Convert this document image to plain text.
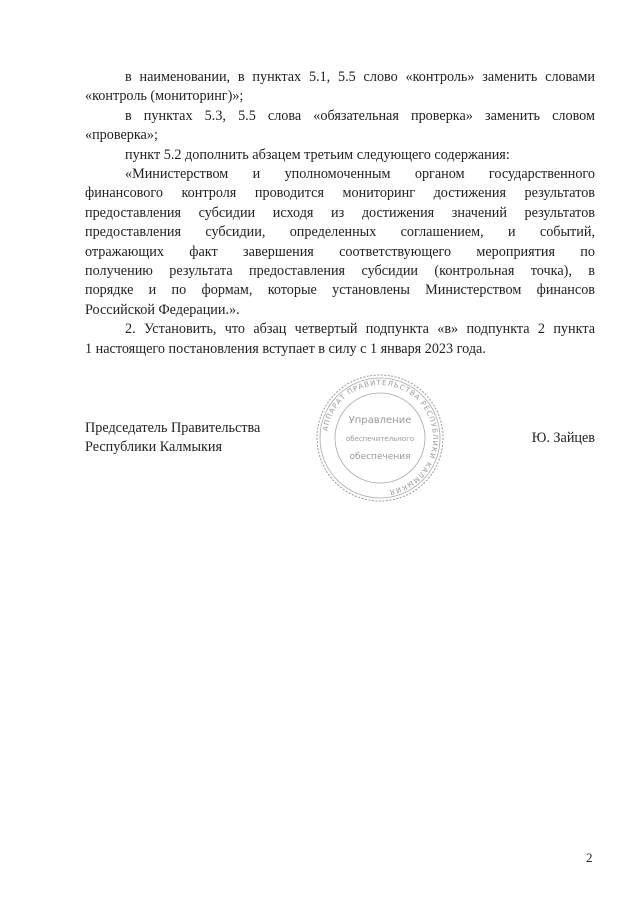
в наименовании, в пунктах 5.1, 5.5 слово «контроль» заменить словами
«контроль (мониторинг)»;
в пунктах 5.3, 5.5 слова «обязательная проверка» заменить словом
«проверка»;
пункт 5.2 дополнить абзацем третьим следующего содержания:
«Министерством и уполномоченным органом государственного
финансового контроля проводится мониторинг достижения результатов
предоставления субсидии исходя из достижения значений результатов
предоставления субсидии, определенных соглашением, и событий,
отражающих факт завершения соответствующего мероприятия по
получению результата предоставления субсидии (контрольная точка), в
порядке и по формам, которые установлены Министерством финансов
Российской Федерации.».
2. Установить, что абзац четвертый подпункта «в» подпункта 2 пункта
1 настоящего постановления вступает в силу с 1 января 2023 года.
Председатель Правительства
Республики Калмыкия
АППАРАТ ПРАВИТЕЛЬСТВА РЕСПУБЛИКИ КАЛМЫКИЯ
Управление
обеспечительного
обеспечения
Ю. Зайцев
2
